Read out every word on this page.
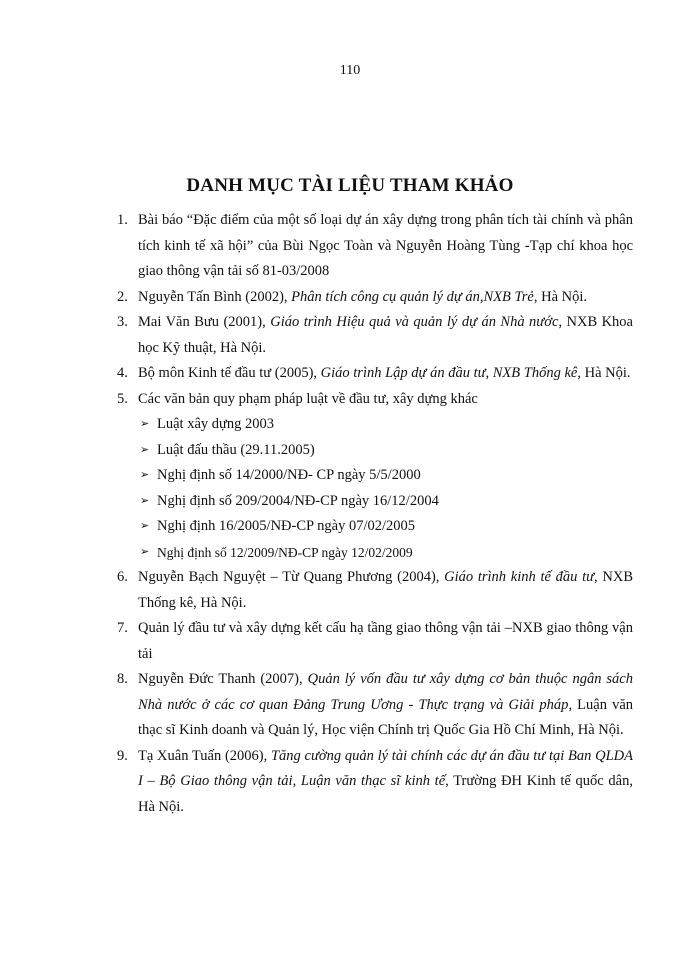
110
DANH MỤC TÀI LIỆU THAM KHẢO
1. Bài báo “Đặc điểm của một số loại dự án xây dựng trong phân tích tài chính và phân tích kinh tế xã hội” của Bùi Ngọc Toàn và Nguyễn Hoàng Tùng -Tạp chí khoa học giao thông vận tải số 81-03/2008
2. Nguyễn Tấn Bình (2002), Phân tích công cụ quản lý dự án,NXB Trẻ, Hà Nội.
3. Mai Văn Bưu (2001), Giáo trình Hiệu quả và quản lý dự án Nhà nước, NXB Khoa học Kỹ thuật, Hà Nội.
4. Bộ môn Kinh tế đầu tư (2005), Giáo trình Lập dự án đầu tư, NXB Thống kê, Hà Nội.
5. Các văn bản quy phạm pháp luật về đầu tư, xây dựng khác
➢ Luật xây dựng 2003
➢ Luật đấu thầu (29.11.2005)
➢ Nghị định số 14/2000/NĐ- CP ngày 5/5/2000
➢ Nghị định số 209/2004/NĐ-CP ngày 16/12/2004
➢ Nghị định 16/2005/NĐ-CP ngày 07/02/2005
➢ Nghị định số 12/2009/NĐ-CP ngày 12/02/2009
6. Nguyễn Bạch Nguyệt – Từ Quang Phương (2004), Giáo trình kinh tế đầu tư, NXB Thống kê, Hà Nội.
7. Quản lý đầu tư và xây dựng kết cấu hạ tầng giao thông vận tải –NXB giao thông vận tải
8. Nguyễn Đức Thanh (2007), Quản lý vốn đầu tư xây dựng cơ bản thuộc ngân sách Nhà nước ở các cơ quan Đảng Trung Ương - Thực trạng và Giải pháp, Luận văn thạc sĩ Kinh doanh và Quản lý, Học viện Chính trị Quốc Gia Hồ Chí Minh, Hà Nội.
9. Tạ Xuân Tuấn (2006), Tăng cường quản lý tài chính các dự án đầu tư tại Ban QLDA I – Bộ Giao thông vận tải, Luận văn thạc sĩ kinh tế, Trường ĐH Kinh tế quốc dân, Hà Nội.
